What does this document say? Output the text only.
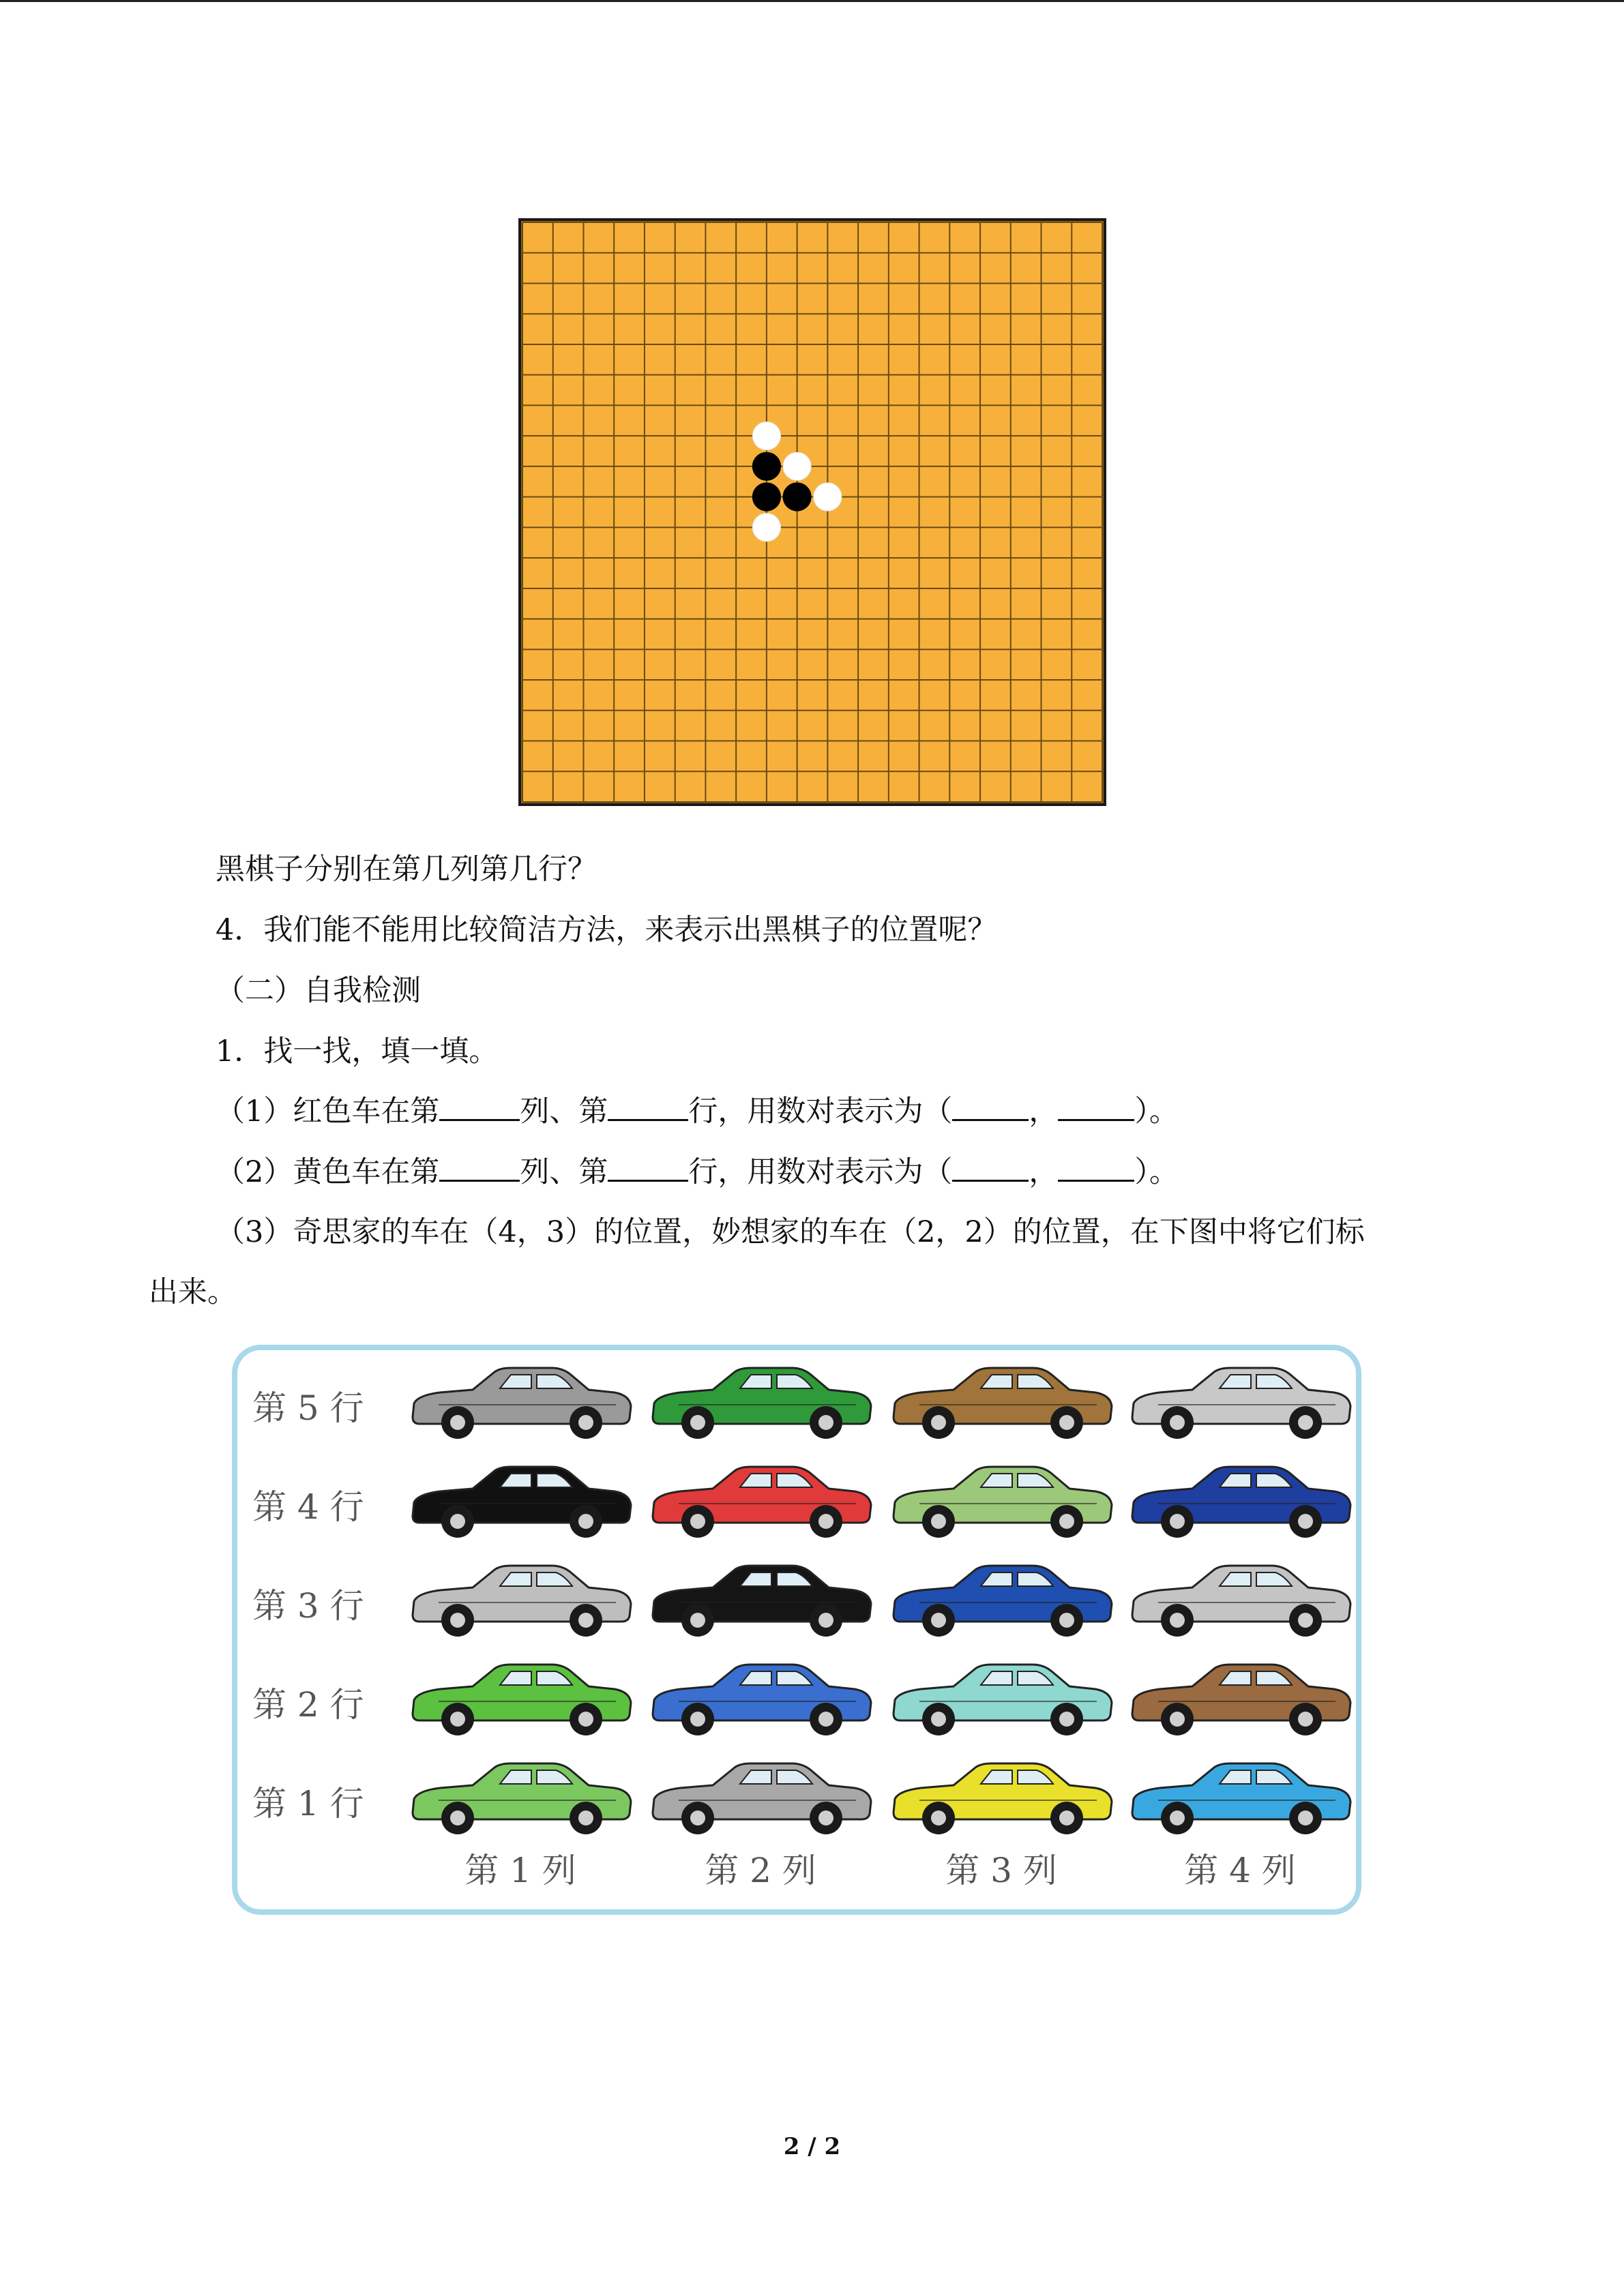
黑棋子分别在第几列第几行？
4．我们能不能用比较简洁方法，来表示出黑棋子的位置呢？
（二）自我检测
1．找一找，填一填。
（1）红色车在第	列、第	行，用数对表示为（	，	）。
（2）黄色车在第	列、第	行，用数对表示为（	，	）。
（3）奇思家的车在（4，3）的位置，妙想家的车在（2，2）的位置，在下图中将它们标
出来。
第 5 行
第 4 行
第 3 行
第 2 行
第 1 行
第 1 列	第 2 列	第 3 列	第 4 列
2 / 2
